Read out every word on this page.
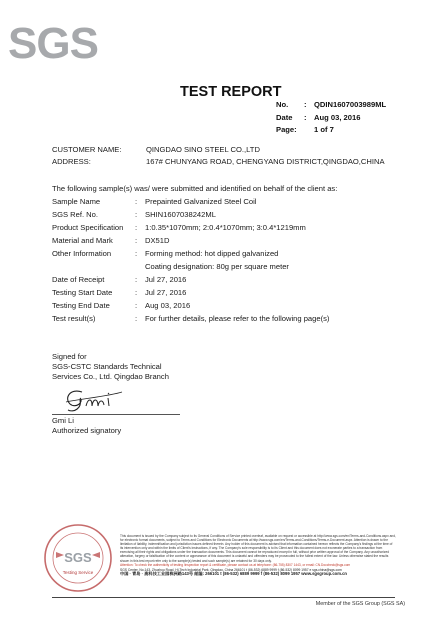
SGS
TEST REPORT
No. : QDIN1607003989ML
Date : Aug 03, 2016
Page: 1 of 7
CUSTOMER NAME:	QINGDAO SINO STEEL CO.,LTD
ADDRESS:	167# CHUNYANG ROAD, CHENGYANG DISTRICT,QINGDAO,CHINA
The following sample(s) was/ were submitted and identified on behalf of the client as:
Sample Name	: Prepainted Galvanized Steel Coil
SGS Ref. No.	: SHIN1607038242ML
Product Specification : 1:0.35*1070mm; 2:0.4*1070mm; 3:0.4*1219mm
Material and Mark	: DX51D
Other Information	: Forming method: hot dipped galvanized
Coating designation: 80g per square meter
Date of Receipt	: Jul 27, 2016
Testing Start Date	: Jul 27, 2016
Testing End Date	: Aug 03, 2016
Test result(s)	: For further details, please refer to the following page(s)
Signed for
SGS-CSTC Standards Technical
Services Co., Ltd. Qingdao Branch
Gmi Li
Authorized signatory
SGS
Testing Service
This document is issued by the Company subject to its General Conditions of Service printed overleaf, available on request or accessible at http://www.sgs.com/en/Terms-and-Conditions.aspx and, for electronic format documents, subject to Terms and Conditions for Electronic Documents at http://www.sgs.com/en/Terms-and-Conditions/Terms-e-Document.aspx. Attention is drawn to the limitation of liability, indemnification and jurisdiction issues defined therein. Any holder of this document is advised that information contained hereon reflects the Company's findings at the time of its intervention only and within the limits of Client's instructions, if any. The Company's sole responsibility is to its Client and this document does not exonerate parties to a transaction from exercising all their rights and obligations under the transaction documents. This document cannot be reproduced except in full, without prior written approval of the Company. Any unauthorized alteration, forgery or falsification of the content or appearance of this document is unlawful and offenders may be prosecuted to the fullest extent of the law. Unless otherwise stated the results shown in this test report refer only to the sample(s) tested and such sample(s) are retained for 30 days only.
Attention: To check the authenticity of testing /inspection report & certificate, please contact us at telephone: (86-755) 8307 1443, or email: CN.Doccheck@sgs.com
SGS Center, No.143, Zhuzhou Road, Hi-Tech Industrial Park, Qingdao, China 266101 t (86-532) 6889 9999 f (86-532) 8099 1957 e sgs.china@sgs.com
中国 · 青岛 · 高科技工业园株洲路143号 邮编: 266101 t (86-532) 6889 9999 f (86-532) 8099 1957 www.sgsgroup.com.cn
Member of the SGS Group (SGS SA)
